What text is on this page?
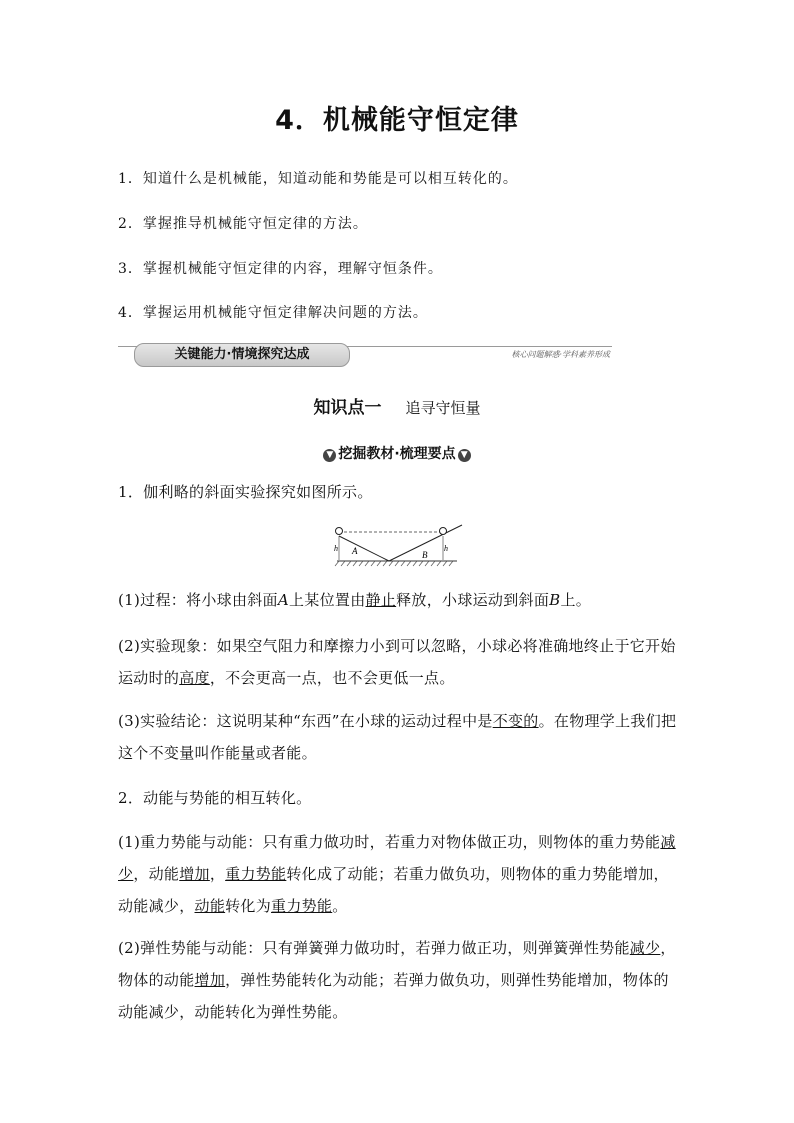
4．机械能守恒定律
1．知道什么是机械能，知道动能和势能是可以相互转化的。
2．掌握推导机械能守恒定律的方法。
3．掌握机械能守恒定律的内容，理解守恒条件。
4．掌握运用机械能守恒定律解决问题的方法。
关键能力·情境探究达成	核心问题解惑·学科素养形成
知识点一 追寻守恒量
▼ 挖掘教材·梳理要点 ▼
1．伽利略的斜面实验探究如图所示。
h A	B
h
(1)过程：将小球由斜面A上某位置由静止释放，小球运动到斜面B上。
(2)实验现象：如果空气阻力和摩擦力小到可以忽略，小球必将准确地终止于它开始运动时的高度，不会更高一点，也不会更低一点。
(3)实验结论：这说明某种“东西”在小球的运动过程中是不变的。在物理学上我们把这个不变量叫作能量或者能。
2．动能与势能的相互转化。
(1)重力势能与动能：只有重力做功时，若重力对物体做正功，则物体的重力势能减少，动能增加，重力势能转化成了动能；若重力做负功，则物体的重力势能增加，动能减少，动能转化为重力势能。
(2)弹性势能与动能：只有弹簧弹力做功时，若弹力做正功，则弹簧弹性势能减少，物体的动能增加，弹性势能转化为动能；若弹力做负功，则弹性势能增加，物体的动能减少，动能转化为弹性势能。
